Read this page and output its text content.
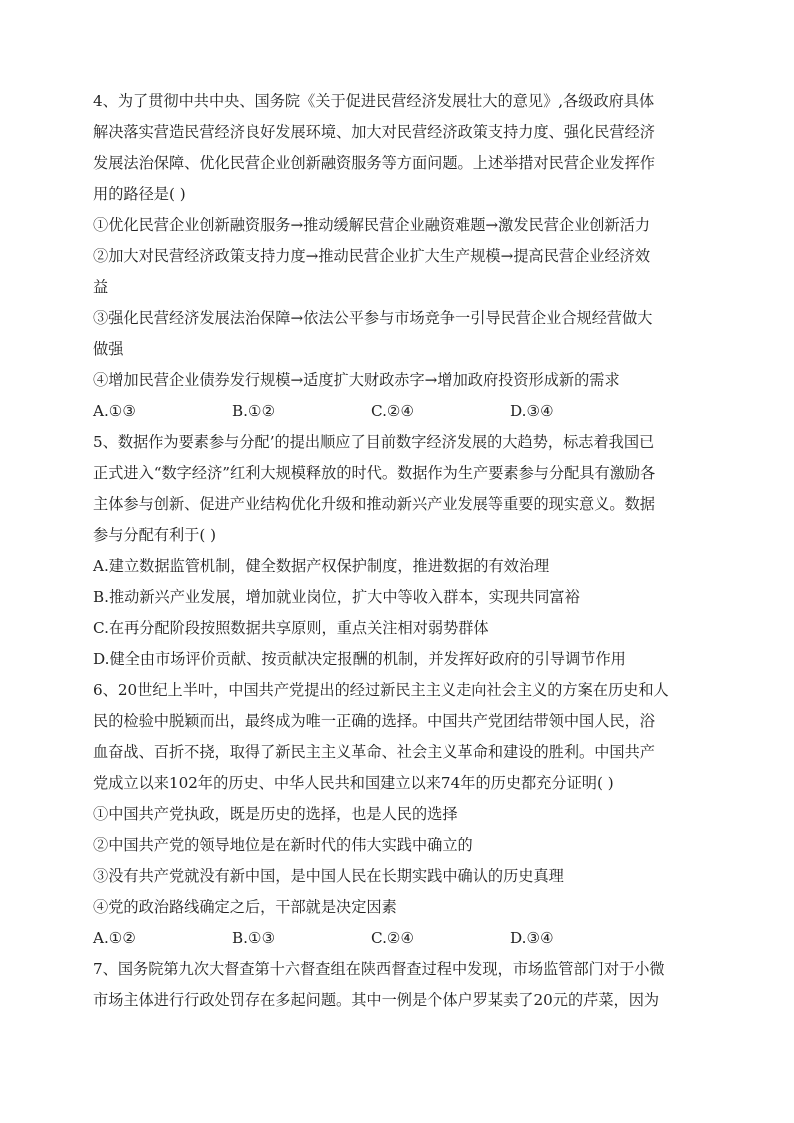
4、为了贯彻中共中央、国务院《关于促进民营经济发展壮大的意见》,各级政府具体
解决落实营造民营经济良好发展环境、加大对民营经济政策支持力度、强化民营经济
发展法治保障、优化民营企业创新融资服务等方面问题。上述举措对民营企业发挥作
用的路径是( )
①优化民营企业创新融资服务→推动缓解民营企业融资难题→激发民营企业创新活力
②加大对民营经济政策支持力度→推动民营企业扩大生产规模→提高民营企业经济效
益
③强化民营经济发展法治保障→依法公平参与市场竞争一引导民营企业合规经营做大
做强
④增加民营企业债券发行规模→适度扩大财政赤字→增加政府投资形成新的需求
A.①③	B.①②	C.②④	D.③④
5、数据作为要素参与分配’的提出顺应了目前数字经济发展的大趋势，标志着我国已
正式进入“数字经济”红利大规模释放的时代。数据作为生产要素参与分配具有激励各
主体参与创新、促进产业结构优化升级和推动新兴产业发展等重要的现实意义。数据
参与分配有利于( )
A.建立数据监管机制，健全数据产权保护制度，推进数据的有效治理
B.推动新兴产业发展，增加就业岗位，扩大中等收入群本，实现共同富裕
C.在再分配阶段按照数据共享原则，重点关注相对弱势群体
D.健全由市场评价贡献、按贡献决定报酬的机制，并发挥好政府的引导调节作用
6、20世纪上半叶，中国共产党提出的经过新民主主义走向社会主义的方案在历史和人
民的检验中脱颖而出，最终成为唯一正确的选择。中国共产党团结带领中国人民，浴
血奋战、百折不挠，取得了新民主主义革命、社会主义革命和建设的胜利。中国共产
党成立以来102年的历史、中华人民共和国建立以来74年的历史都充分证明( )
①中国共产党执政，既是历史的选择，也是人民的选择
②中国共产党的领导地位是在新时代的伟大实践中确立的
③没有共产党就没有新中国，是中国人民在长期实践中确认的历史真理
④党的政治路线确定之后，干部就是决定因素
A.①②	B.①③	C.②④	D.③④
7、国务院第九次大督查第十六督查组在陕西督查过程中发现，市场监管部门对于小微
市场主体进行行政处罚存在多起问题。其中一例是个体户罗某卖了20元的芹菜，因为
